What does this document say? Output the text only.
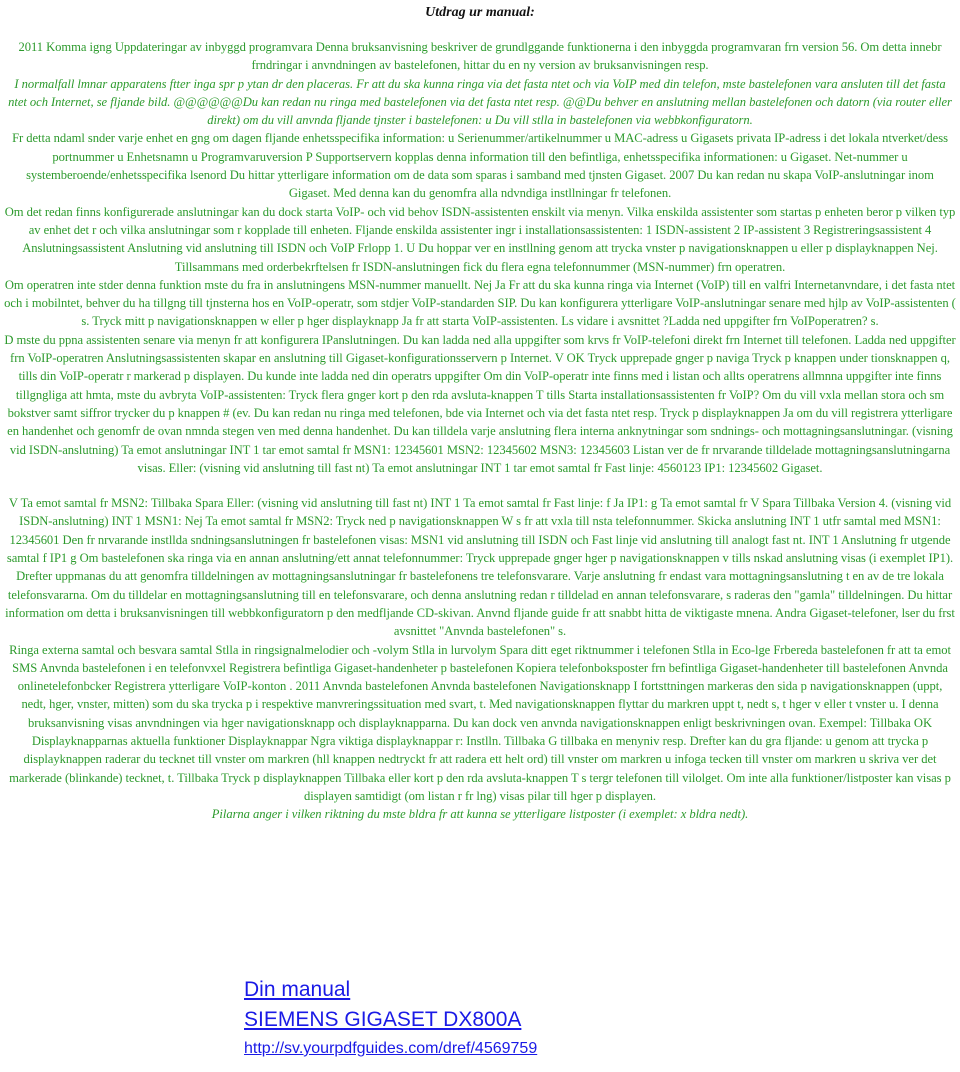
Utdrag ur manual:

2011 Komma igng Uppdateringar av inbyggd programvara Denna bruksanvisning beskriver de grundlggande funktionerna i den inbyggda programvaran frn version 56. Om detta innebr frndringar i anvndningen av bastelefonen, hittar du en ny version av bruksanvisningen resp.

I normalfall lmnar apparatens ftter inga spr p ytan dr den placeras. Fr att du ska kunna ringa via det fasta ntet och via VoIP med din telefon, mste bastelefonen vara ansluten till det fasta ntet och Internet, se fljande bild. @@@@@@Du kan redan nu ringa med bastelefonen via det fasta ntet resp. @@Du behver en anslutning mellan bastelefonen och datorn (via router eller direkt) om du vill anvnda fljande tjnster i bastelefonen: u Du vill stlla in bastelefonen via webbkonfiguratorn.

Fr detta ndaml snder varje enhet en gng om dagen fljande enhetsspecifika information: u Serienummer/artikelnummer u MAC-adress u Gigasets privata IP-adress i det lokala ntverket/dess portnummer u Enhetsnamn u Programvaruversion P Supportservern kopplas denna information till den befintliga, enhetsspecifika informationen: u Gigaset. Net-nummer u systemberoende/enhetsspecifika lsenord Du hittar ytterligare information om de data som sparas i samband med tjnsten Gigaset. 2007 Du kan redan nu skapa VoIP-anslutningar inom Gigaset. Med denna kan du genomfra alla ndvndiga instllningar fr telefonen.

Om det redan finns konfigurerade anslutningar kan du dock starta VoIP- och vid behov ISDN-assistenten enskilt via menyn. Vilka enskilda assistenter som startas p enheten beror p vilken typ av enhet det r och vilka anslutningar som r kopplade till enheten. Fljande enskilda assistenter ingr i installationsassistenten: 1 ISDN-assistent 2 IP-assistent 3 Registreringsassistent 4 Anslutningsassistent Anslutning vid anslutning till ISDN och VoIP Frlopp 1. U Du hoppar ver en instllning genom att trycka vnster p navigationsknappen u eller p displayknappen Nej. Tillsammans med orderbekrftelsen fr ISDN-anslutningen fick du flera egna telefonnummer (MSN-nummer) frn operatren.

Om operatren inte stder denna funktion mste du fra in anslutningens MSN-nummer manuellt. Nej Ja Fr att du ska kunna ringa via Internet (VoIP) till en valfri Internetanvndare, i det fasta ntet och i mobilntet, behver du ha tillgng till tjnsterna hos en VoIP-operatr, som stdjer VoIP-standarden SIP. Du kan konfigurera ytterligare VoIP-anslutningar senare med hjlp av VoIP-assistenten ( s. Tryck mitt p navigationsknappen w eller p hger displayknapp Ja fr att starta VoIP-assistenten. Ls vidare i avsnittet ?Ladda ned uppgifter frn VoIPoperatren? s.

D mste du ppna assistenten senare via menyn fr att konfigurera IPanslutningen. Du kan ladda ned alla uppgifter som krvs fr VoIP-telefoni direkt frn Internet till telefonen. Ladda ned uppgifter frn VoIP-operatren Anslutningsassistenten skapar en anslutning till Gigaset-konfigurationsservern p Internet. V OK Tryck upprepade gnger p naviga Tryck p knappen under tionsknappen q, tills din VoIP-operatr r markerad p displayen. Du kunde inte ladda ned din operatrs uppgifter Om din VoIP-operatr inte finns med i listan och allts operatrens allmnna uppgifter inte finns tillgngliga att hmta, mste du avbryta VoIP-assistenten: Tryck flera gnger kort p den rda avsluta-knappen T tills Starta installationsassistenten fr VoIP? Om du vill vxla mellan stora och sm bokstver samt siffror trycker du p knappen # (ev. Du kan redan nu ringa med telefonen, bde via Internet och via det fasta ntet resp. Tryck p displayknappen Ja om du vill registrera ytterligare en handenhet och genomfr de ovan nmnda stegen ven med denna handenhet. Du kan tilldela varje anslutning flera interna anknytningar som sndnings- och mottagningsanslutningar. (visning vid ISDN-anslutning) Ta emot anslutningar INT 1 tar emot samtal fr MSN1: 12345601 MSN2: 12345602 MSN3: 12345603 Listan ver de fr nrvarande tilldelade mottagningsanslutningarna visas. Eller: (visning vid anslutning till fast nt) Ta emot anslutningar INT 1 tar emot samtal fr Fast linje: 4560123 IP1: 12345602 Gigaset.

V Ta emot samtal fr MSN2: Tillbaka Spara Eller: (visning vid anslutning till fast nt) INT 1 Ta emot samtal fr Fast linje: f Ja IP1: g Ta emot samtal fr V Spara Tillbaka Version 4. (visning vid ISDN-anslutning) INT 1 MSN1: Nej Ta emot samtal fr MSN2: Tryck ned p navigationsknappen W s fr att vxla till nsta telefonnummer. Skicka anslutning INT 1 utfr samtal med MSN1: 12345601 Den fr nrvarande instllda sndningsanslutningen fr bastelefonen visas: MSN1 vid anslutning till ISDN och Fast linje vid anslutning till analogt fast nt. INT 1 Anslutning fr utgende samtal f IP1 g Om bastelefonen ska ringa via en annan anslutning/ett annat telefonnummer: Tryck upprepade gnger hger p navigationsknappen v tills nskad anslutning visas (i exemplet IP1). Drefter uppmanas du att genomfra tilldelningen av mottagningsanslutningar fr bastelefonens tre telefonsvarare. Varje anslutning fr endast vara mottagningsanslutning t en av de tre lokala telefonsvararna. Om du tilldelar en mottagningsanslutning till en telefonsvarare, och denna anslutning redan r tilldelad en annan telefonsvarare, s raderas den "gamla" tilldelningen. Du hittar information om detta i bruksanvisningen till webbkonfiguratorn p den medfljande CD-skivan. Anvnd fljande guide fr att snabbt hitta de viktigaste mnena. Andra Gigaset-telefoner, lser du frst avsnittet "Anvnda bastelefonen" s.

Ringa externa samtal och besvara samtal Stlla in ringsignalmelodier och -volym Stlla in lurvolym Spara ditt eget riktnummer i telefonen Stlla in Eco-lge Frbereda bastelefonen fr att ta emot SMS Anvnda bastelefonen i en telefonvxel Registrera befintliga Gigaset-handenheter p bastelefonen Kopiera telefonboksposter frn befintliga Gigaset-handenheter till bastelefonen Anvnda onlinetelefonbcker Registrera ytterligare VoIP-konton . 2011 Anvnda bastelefonen Anvnda bastelefonen Navigationsknapp I fortsttningen markeras den sida p navigationsknappen (uppt, nedt, hger, vnster, mitten) som du ska trycka p i respektive manvreringssituation med svart, t. Med navigationsknappen flyttar du markren uppt t, nedt s, t hger v eller t vnster u. I denna bruksanvisning visas anvndningen via hger navigationsknapp och displayknapparna. Du kan dock ven anvnda navigationsknappen enligt beskrivningen ovan. Exempel: Tillbaka OK Displayknapparnas aktuella funktioner Displayknappar Ngra viktiga displayknappar r: Instlln. Tillbaka G tillbaka en menyniv resp. Drefter kan du gra fljande: u genom att trycka p displayknappen raderar du tecknet till vnster om markren (hll knappen nedtryckt fr att radera ett helt ord) till vnster om markren u infoga tecken till vnster om markren u skriva ver det markerade (blinkande) tecknet, t. Tillbaka Tryck p displayknappen Tillbaka eller kort p den rda avsluta-knappen T s tergr telefonen till vilolget. Om inte alla funktioner/listposter kan visas p displayen samtidigt (om listan r fr lng) visas pilar till hger p displayen.

Pilarna anger i vilken riktning du mste bldra fr att kunna se ytterligare listposter (i exemplet: x bldra nedt).

Din manual
SIEMENS GIGASET DX800A
http://sv.yourpdfguides.com/dref/4569759
